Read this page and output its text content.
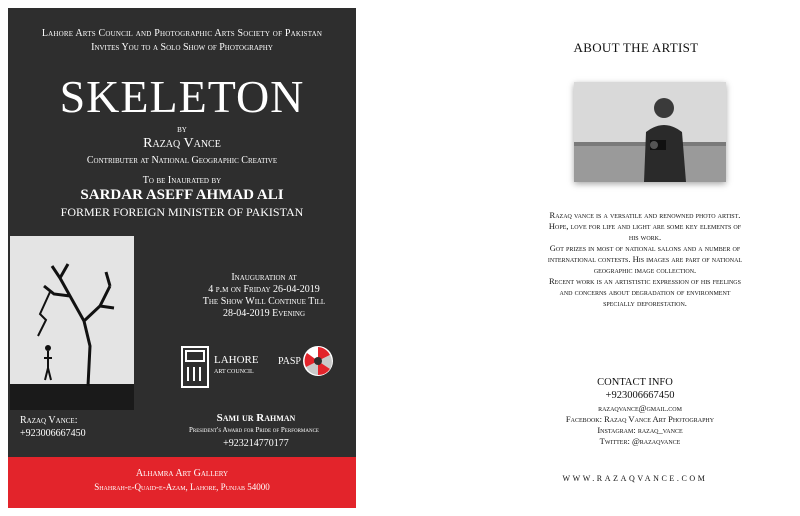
Lahore Arts Council and Photographic Arts Society of Pakistan
Invites You to a Solo Show of Photography
SKELETON
by
Razaq Vance
Contributer at National Geographic Creative
To be Inaurated by
SARDAR ASEFF AHMAD ALI
FORMER FOREIGN MINISTER OF PAKISTAN
Inauguration at
4 p.m on Friday 26-04-2019
The Show Will Continue Till
28-04-2019 Evening
LAHORE
ART COUNCIL
PASP
Razaq Vance:
+923006667450
Sami ur Rahman
President's Award for Pride of Performance
+923214770177
Alhamra Art Gallery
Shahrah-e-Quaid-e-Azam, Lahore, Punjab 54000
ABOUT THE ARTIST
Razaq vance is a versatile and renowned photo artist.
Hope, love for life and light are some key elements of
his work.
Got prizes in most of national salons and a number of
international contests. His images are part of national
geographic image collection.
Recent work is an artististic expression of his feelings
and concerns about degradation of environment
specially deforestation.
CONTACT INFO
+923006667450
razaqvance@gmail.com
Facebook: Razaq Vance Art Photography
Instagram: razaq_vance
Twitter: @razaqvance
WWW.RAZAQVANCE.COM
